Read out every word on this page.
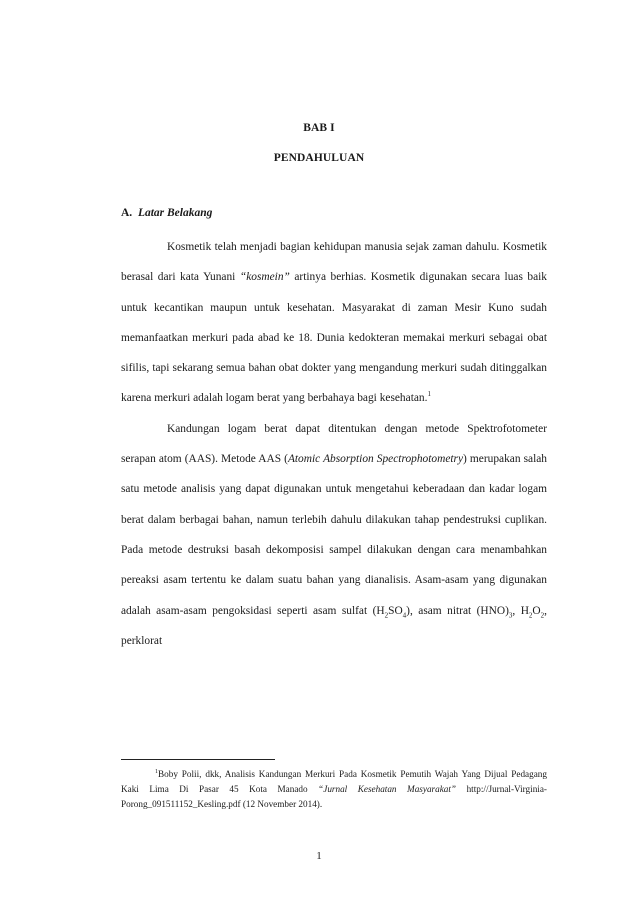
BAB I
PENDAHULUAN
A. Latar Belakang

Kosmetik telah menjadi bagian kehidupan manusia sejak zaman dahulu. Kosmetik berasal dari kata Yunani “kosmein” artinya berhias. Kosmetik digunakan secara luas baik untuk kecantikan maupun untuk kesehatan. Masyarakat di zaman Mesir Kuno sudah memanfaatkan merkuri pada abad ke 18. Dunia kedokteran memakai merkuri sebagai obat sifilis, tapi sekarang semua bahan obat dokter yang mengandung merkuri sudah ditinggalkan karena merkuri adalah logam berat yang berbahaya bagi kesehatan.$^1$

Kandungan logam berat dapat ditentukan dengan metode Spektrofotometer serapan atom (AAS). Metode AAS (Atomic Absorption Spectrophotometry) merupakan salah satu metode analisis yang dapat digunakan untuk mengetahui keberadaan dan kadar logam berat dalam berbagai bahan, namun terlebih dahulu dilakukan tahap pendestruksi cuplikan. Pada metode destruksi basah dekomposisi sampel dilakukan dengan cara menambahkan pereaksi asam tertentu ke dalam suatu bahan yang dianalisis. Asam-asam yang digunakan adalah asam-asam pengoksidasi seperti asam sulfat $(H_2SO_4)$, asam nitrat $(HNO)_3$, $H_2O_2$, perklorat

$^1$Boby Polii, dkk, Analisis Kandungan Merkuri Pada Kosmetik Pemutih Wajah Yang Dijual Pedagang Kaki Lima Di Pasar 45 Kota Manado “Jurnal Kesehatan Masyarakat” http://Jurnal-Virginia-Porong_091511152_Kesling.pdf (12 November 2014).

1
